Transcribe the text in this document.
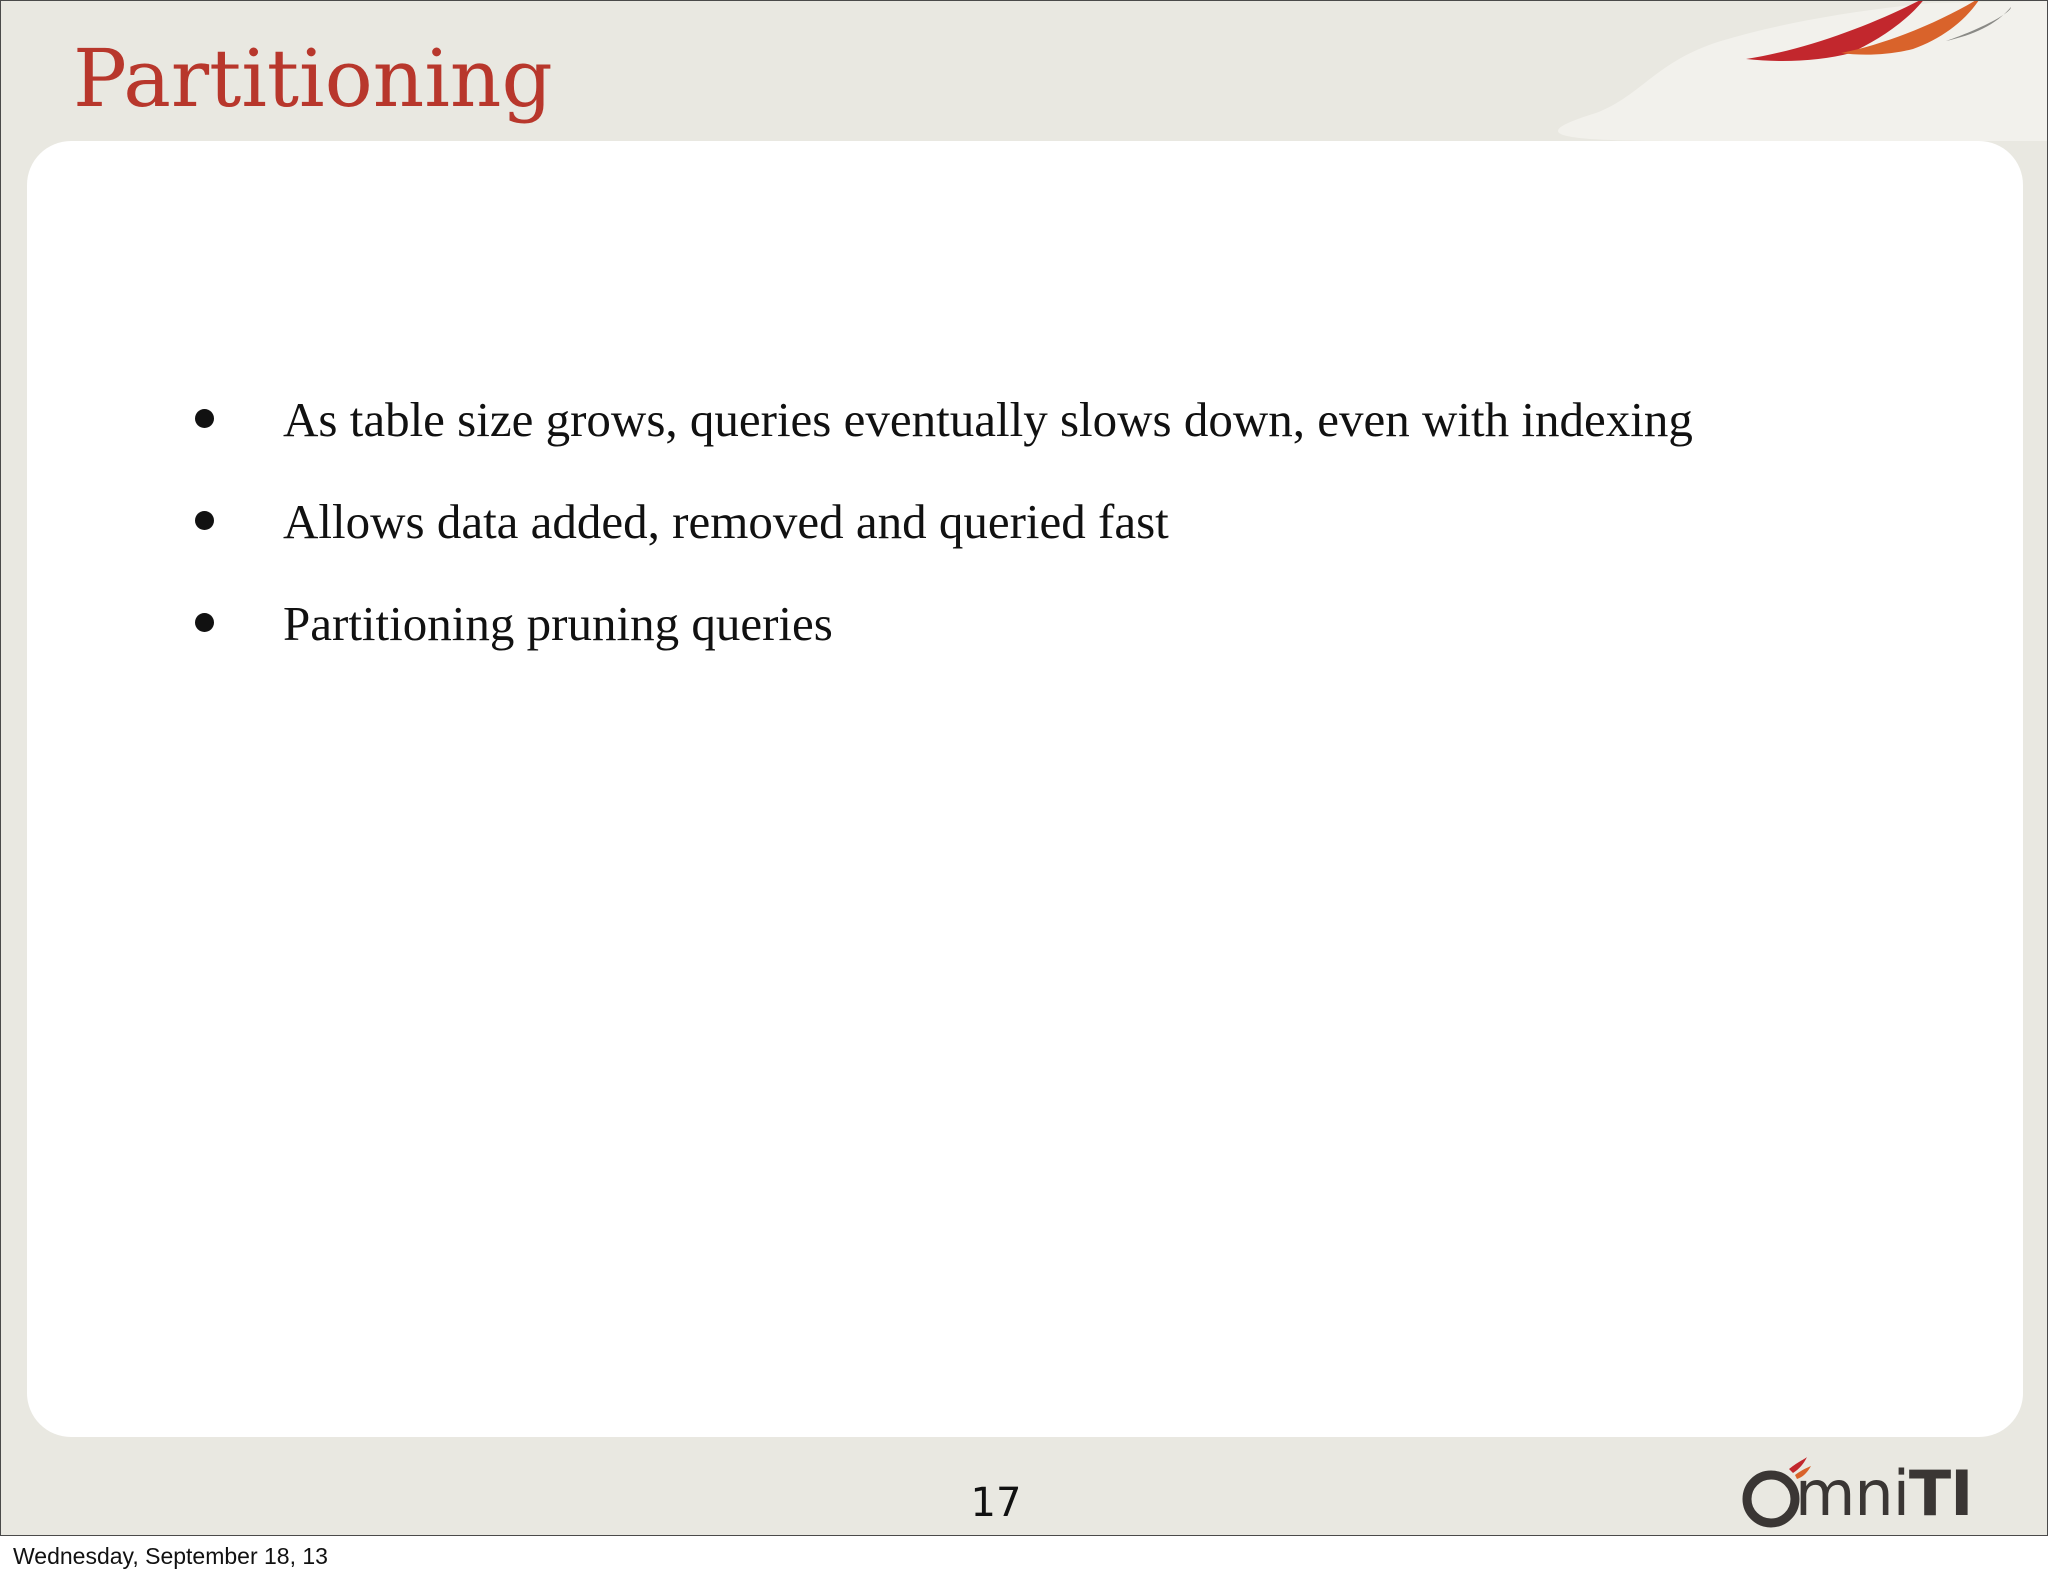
Partitioning
As table size grows, queries eventually slows down, even with indexing
Allows data added, removed and queried fast
Partitioning pruning queries
17	mniTI
Wednesday, September 18, 13
